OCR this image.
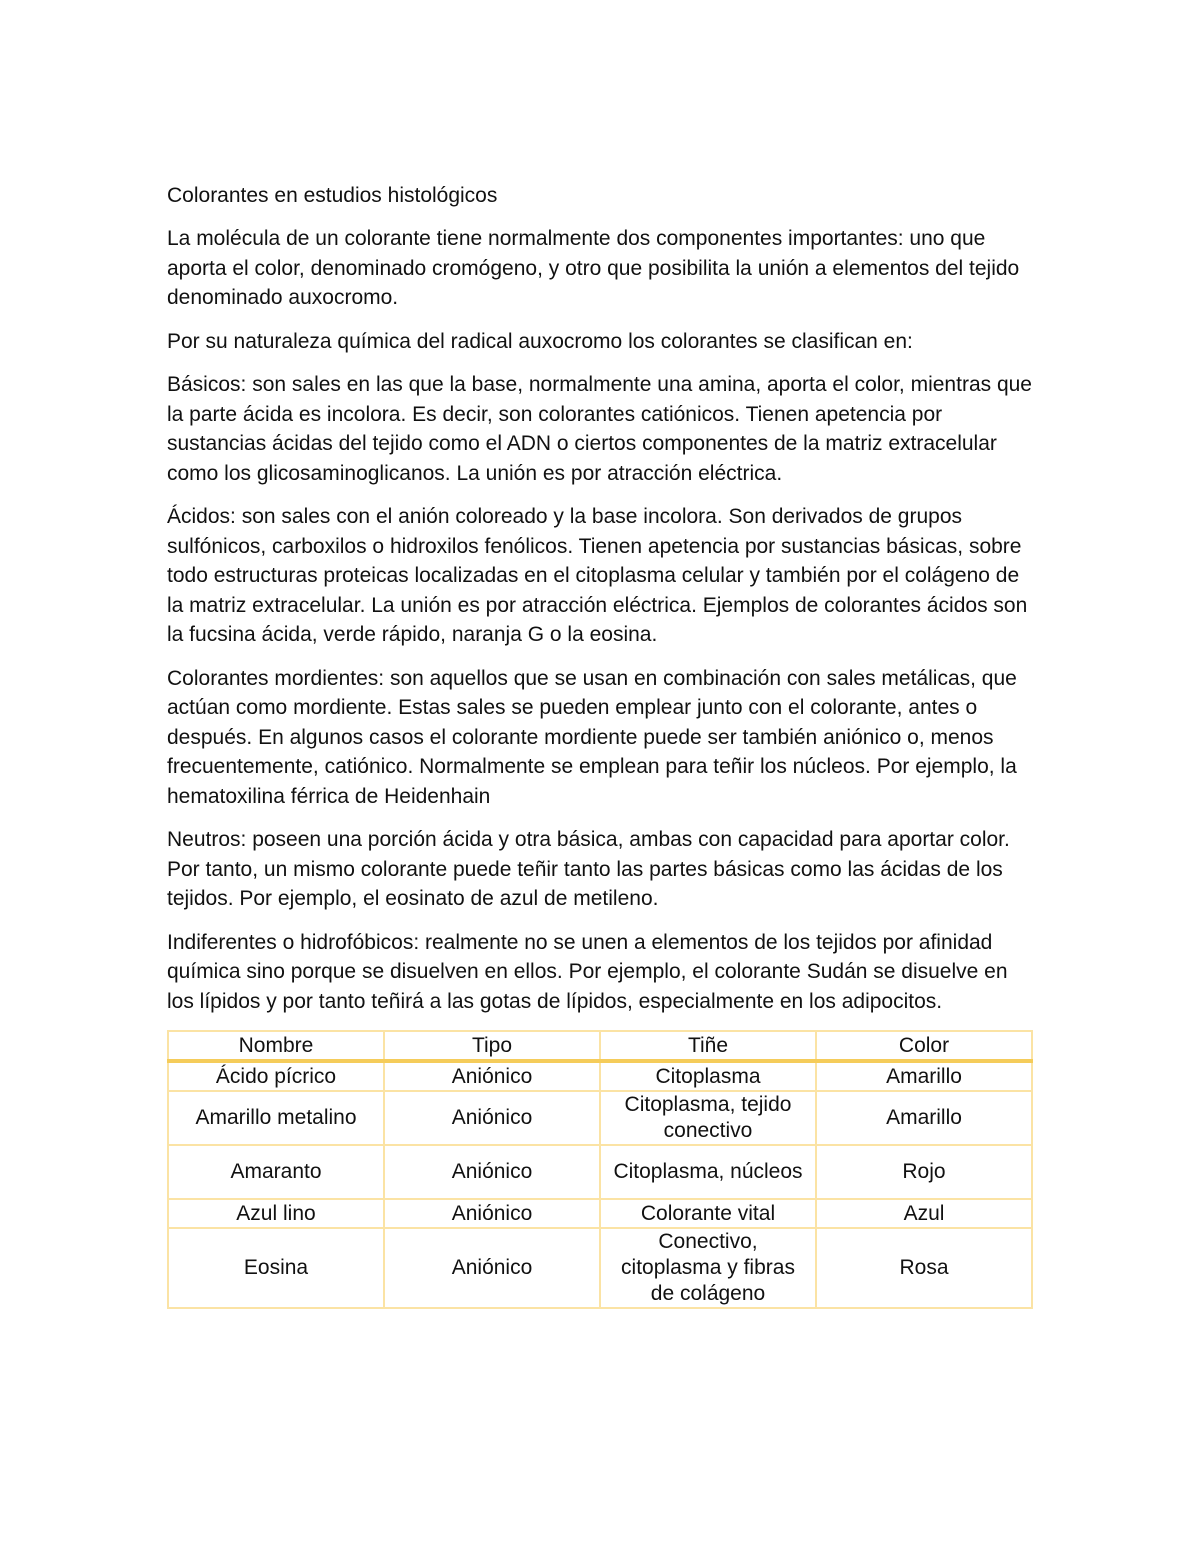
Colorantes en estudios histológicos

La molécula de un colorante tiene normalmente dos componentes importantes: uno que aporta el color, denominado cromógeno, y otro que posibilita la unión a elementos del tejido denominado auxocromo.

Por su naturaleza química del radical auxocromo los colorantes se clasifican en:

Básicos: son sales en las que la base, normalmente una amina, aporta el color, mientras que la parte ácida es incolora. Es decir, son colorantes catiónicos. Tienen apetencia por sustancias ácidas del tejido como el ADN o ciertos componentes de la matriz extracelular como los glicosaminoglicanos. La unión es por atracción eléctrica.

Ácidos: son sales con el anión coloreado y la base incolora. Son derivados de grupos sulfónicos, carboxilos o hidroxilos fenólicos. Tienen apetencia por sustancias básicas, sobre todo estructuras proteicas localizadas en el citoplasma celular y también por el colágeno de la matriz extracelular. La unión es por atracción eléctrica. Ejemplos de colorantes ácidos son la fucsina ácida, verde rápido, naranja G o la eosina.

Colorantes mordientes: son aquellos que se usan en combinación con sales metálicas, que actúan como mordiente. Estas sales se pueden emplear junto con el colorante, antes o después. En algunos casos el colorante mordiente puede ser también aniónico o, menos frecuentemente, catiónico. Normalmente se emplean para teñir los núcleos. Por ejemplo, la hematoxilina férrica de Heidenhain

Neutros: poseen una porción ácida y otra básica, ambas con capacidad para aportar color. Por tanto, un mismo colorante puede teñir tanto las partes básicas como las ácidas de los tejidos. Por ejemplo, el eosinato de azul de metileno.

Indiferentes o hidrofóbicos: realmente no se unen a elementos de los tejidos por afinidad química sino porque se disuelven en ellos. Por ejemplo, el colorante Sudán se disuelve en los lípidos y por tanto teñirá a las gotas de lípidos, especialmente en los adipocitos.

Nombre	Tipo	Tiñe	Color
Ácido pícrico	Aniónico	Citoplasma	Amarillo
Amarillo metalino	Aniónico	Citoplasma, tejido conectivo	Amarillo
Amaranto	Aniónico	Citoplasma, núcleos	Rojo
Azul lino	Aniónico	Colorante vital	Azul
Eosina	Aniónico	Conectivo, citoplasma y fibras de colágeno	Rosa
